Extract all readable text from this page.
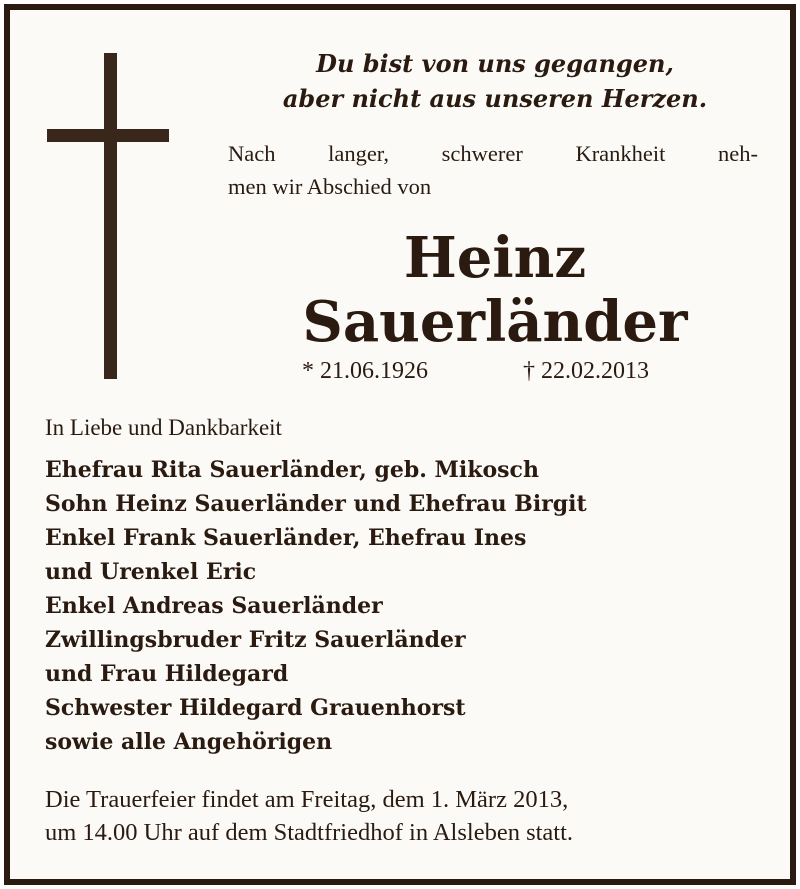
Du bist von uns gegangen,
aber nicht aus unseren Herzen.
Nach langer, schwerer Krankheit neh-
men wir Abschied von
Heinz
Sauerländer
* 21.06.1926	† 22.02.2013
In Liebe und Dankbarkeit
Ehefrau Rita Sauerländer, geb. Mikosch
Sohn Heinz Sauerländer und Ehefrau Birgit
Enkel Frank Sauerländer, Ehefrau Ines
und Urenkel Eric
Enkel Andreas Sauerländer
Zwillingsbruder Fritz Sauerländer
und Frau Hildegard
Schwester Hildegard Grauenhorst
sowie alle Angehörigen
Die Trauerfeier findet am Freitag, dem 1. März 2013,
um 14.00 Uhr auf dem Stadtfriedhof in Alsleben statt.
